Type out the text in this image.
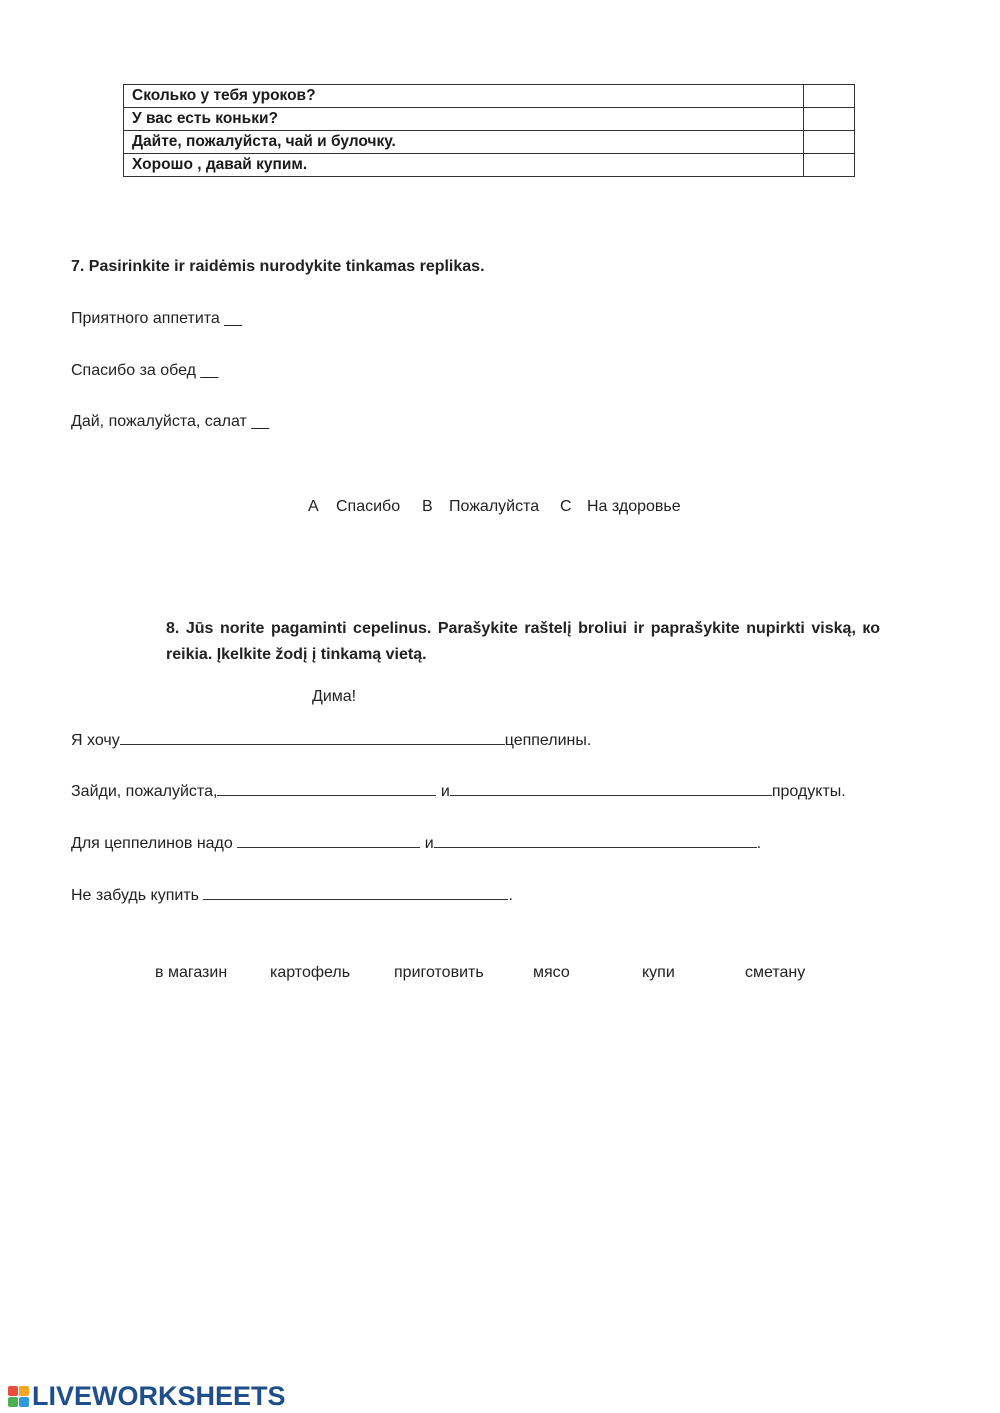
Сколько у тебя уроков?	
У вас есть коньки?	
Дайте, пожалуйста, чай и булочку.	
Хорошо , давай купим.	
7. Pasirinkite ir raidėmis nurodykite tinkamas replikas.
Приятного аппетита __
Спасибо за обед __
Дай, пожалуйста, салат __
A Спасибо B Пожалуйста C На здоровье
8. Jūs norite pagaminti cepelinus. Parašykite raštelį broliui ir paprašykite nupirkti viską, ко
reikia. Įkelkite žodį į tinkamą vietą.
Дима!
Я хочу	цеппелины.
Зайди, пожалуйста,	и	продукты.
Для цеппелинов надо	и	.
Не забудь купить	.
в магазин	картофель	приготовить	мясо	купи	сметану
LIVEWORKSHEETS
